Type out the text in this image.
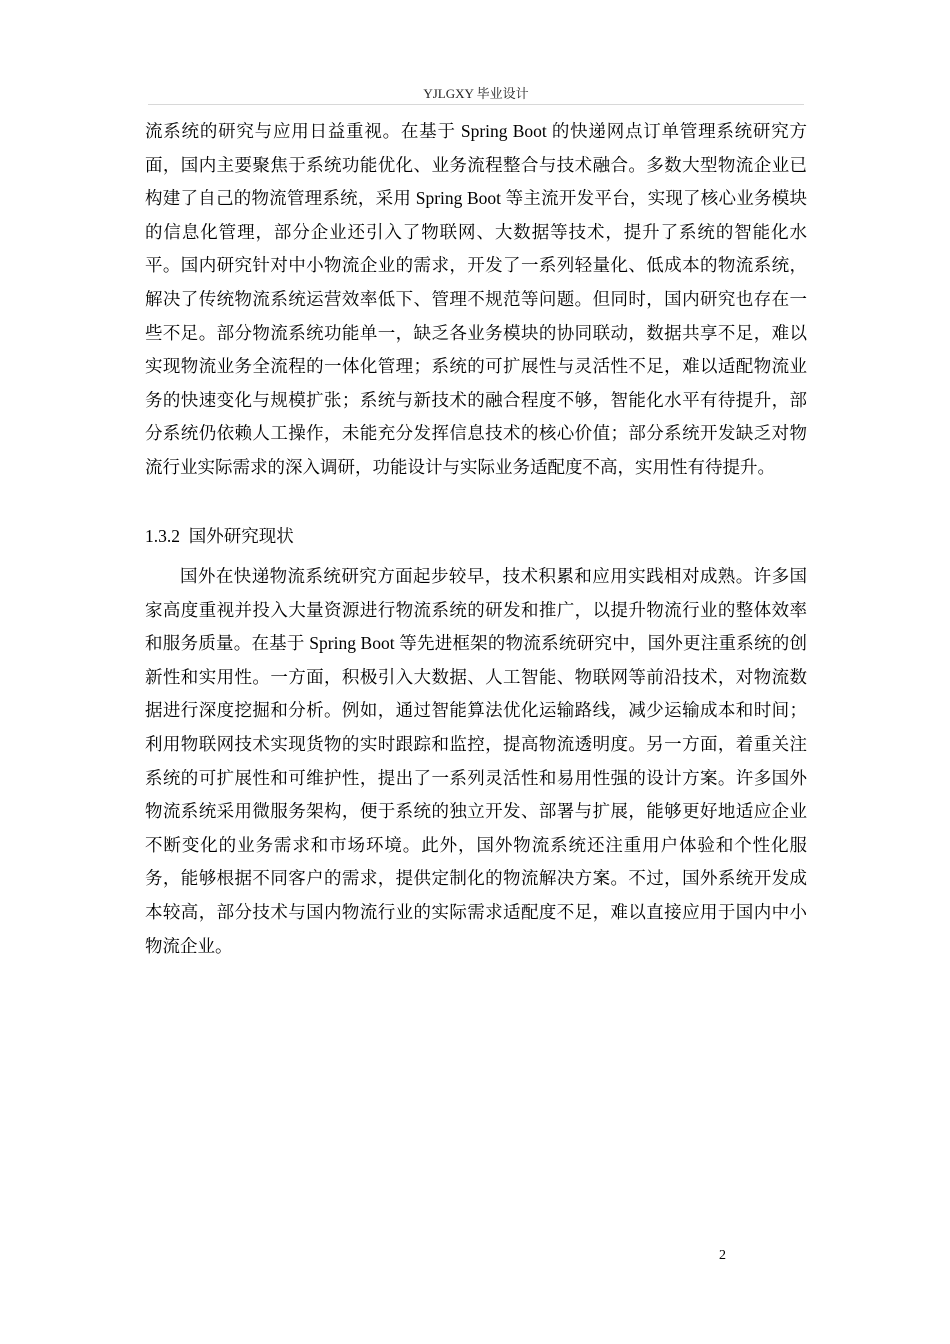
YJLGXY 毕业设计

流系统的研究与应用日益重视。在基于 Spring Boot 的快递网点订单管理系统研究方面，国内主要聚焦于系统功能优化、业务流程整合与技术融合。多数大型物流企业已构建了自己的物流管理系统，采用 Spring Boot 等主流开发平台，实现了核心业务模块的信息化管理，部分企业还引入了物联网、大数据等技术，提升了系统的智能化水平。国内研究针对中小物流企业的需求，开发了一系列轻量化、低成本的物流系统，解决了传统物流系统运营效率低下、管理不规范等问题。但同时，国内研究也存在一些不足。部分物流系统功能单一，缺乏各业务模块的协同联动，数据共享不足，难以实现物流业务全流程的一体化管理；系统的可扩展性与灵活性不足，难以适配物流业务的快速变化与规模扩张；系统与新技术的融合程度不够，智能化水平有待提升，部分系统仍依赖人工操作，未能充分发挥信息技术的核心价值；部分系统开发缺乏对物流行业实际需求的深入调研，功能设计与实际业务适配度不高，实用性有待提升。

1.3.2 国外研究现状

国外在快递物流系统研究方面起步较早，技术积累和应用实践相对成熟。许多国家高度重视并投入大量资源进行物流系统的研发和推广，以提升物流行业的整体效率和服务质量。在基于 Spring Boot 等先进框架的物流系统研究中，国外更注重系统的创新性和实用性。一方面，积极引入大数据、人工智能、物联网等前沿技术，对物流数据进行深度挖掘和分析。例如，通过智能算法优化运输路线，减少运输成本和时间；利用物联网技术实现货物的实时跟踪和监控，提高物流透明度。另一方面，着重关注系统的可扩展性和可维护性，提出了一系列灵活性和易用性强的设计方案。许多国外物流系统采用微服务架构，便于系统的独立开发、部署与扩展，能够更好地适应企业不断变化的业务需求和市场环境。此外，国外物流系统还注重用户体验和个性化服务，能够根据不同客户的需求，提供定制化的物流解决方案。不过，国外系统开发成本较高，部分技术与国内物流行业的实际需求适配度不足，难以直接应用于国内中小物流企业。

2
